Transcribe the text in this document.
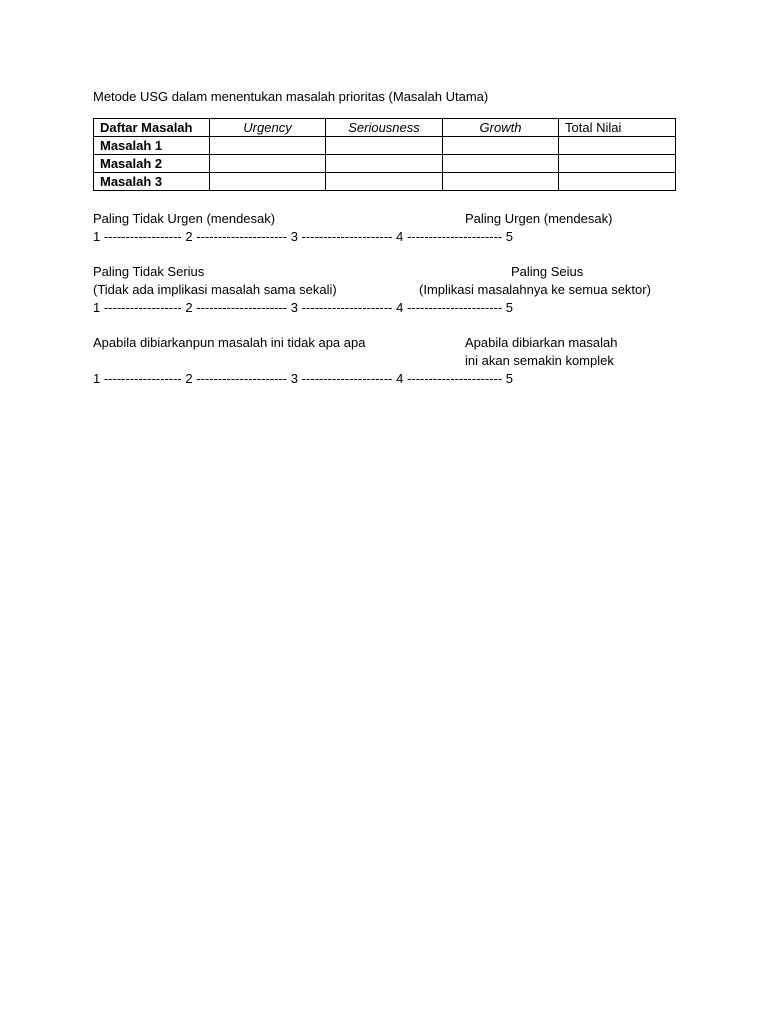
Metode USG dalam menentukan masalah prioritas (Masalah Utama)
Daftar Masalah	Urgency	Seriousness	Growth	Total Nilai
Masalah 1				
Masalah 2				
Masalah 3				
Paling Tidak Urgen (mendesak)	Paling Urgen (mendesak)
1 ------------------ 2 --------------------- 3 --------------------- 4 ---------------------- 5
Paling Tidak Serius	Paling Seius
(Tidak ada implikasi masalah sama sekali)	(Implikasi masalahnya ke semua sektor)
1 ------------------ 2 --------------------- 3 --------------------- 4 ---------------------- 5
Apabila dibiarkanpun masalah ini tidak apa apa	Apabila dibiarkan masalah
ini akan semakin komplek
1 ------------------ 2 --------------------- 3 --------------------- 4 ---------------------- 5
